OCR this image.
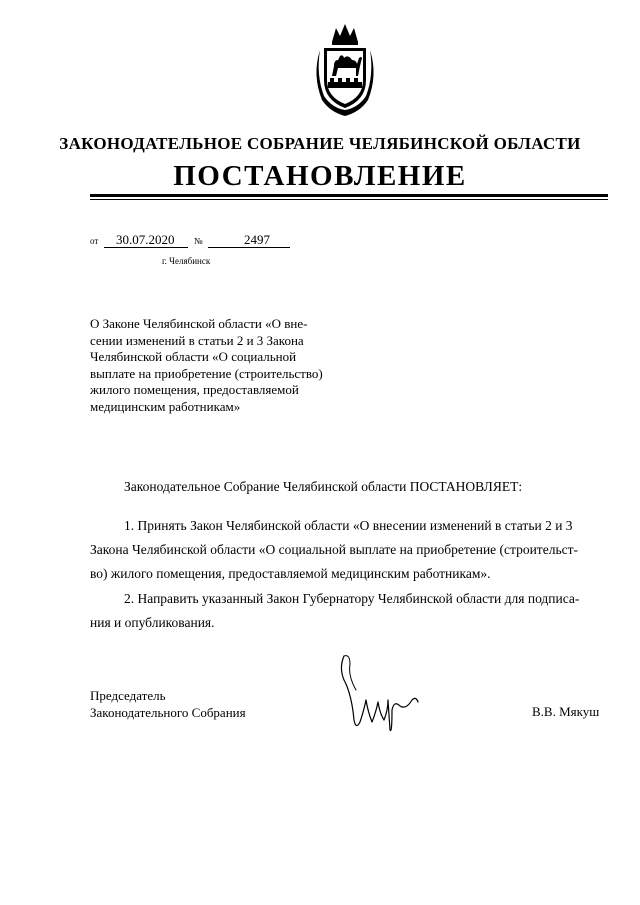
ЗАКОНОДАТЕЛЬНОЕ СОБРАНИЕ ЧЕЛЯБИНСКОЙ ОБЛАСТИ
ПОСТАНОВЛЕНИЕ
от 30.07.2020 №	2497
г. Челябинск
О Законе Челябинской области «О вне-
сении изменений в статьи 2 и 3 Закона
Челябинской области «О социальной
выплате на приобретение (строительство)
жилого помещения, предоставляемой
медицинским работникам»
Законодательное Собрание Челябинской области ПОСТАНОВЛЯЕТ:
1. Принять Закон Челябинской области «О внесении изменений в статьи 2 и 3
Закона Челябинской области «О социальной выплате на приобретение (строительст-
во) жилого помещения, предоставляемой медицинским работникам».
2. Направить указанный Закон Губернатору Челябинской области для подписа-
ния и опубликования.
Председатель
Законодательного Собрания	В.В. Мякуш
